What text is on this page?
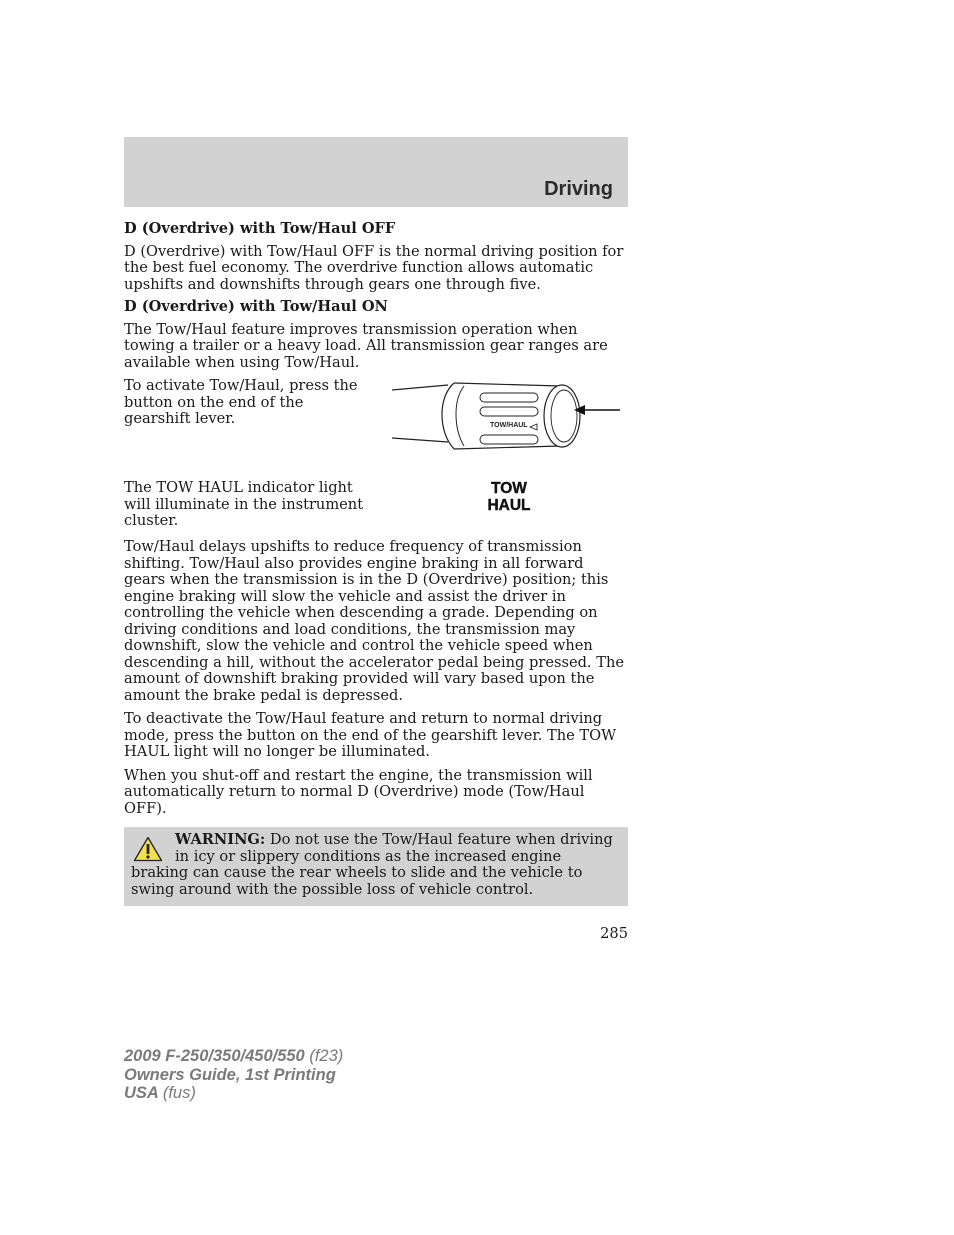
Driving
D (Overdrive) with Tow/Haul OFF

D (Overdrive) with Tow/Haul OFF is the normal driving position for the best fuel economy. The overdrive function allows automatic upshifts and downshifts through gears one through five.

D (Overdrive) with Tow/Haul ON

The Tow/Haul feature improves transmission operation when towing a trailer or a heavy load. All transmission gear ranges are available when using Tow/Haul.

To activate Tow/Haul, press the button on the end of the gearshift lever.	TOW/HAUL

The TOW HAUL indicator light will illuminate in the instrument cluster.

TOW
HAUL

Tow/Haul delays upshifts to reduce frequency of transmission shifting. Tow/Haul also provides engine braking in all forward gears when the transmission is in the D (Overdrive) position; this engine braking will slow the vehicle and assist the driver in controlling the vehicle when descending a grade. Depending on driving conditions and load conditions, the transmission may downshift, slow the vehicle and control the vehicle speed when descending a hill, without the accelerator pedal being pressed. The amount of downshift braking provided will vary based upon the amount the brake pedal is depressed.

To deactivate the Tow/Haul feature and return to normal driving mode, press the button on the end of the gearshift lever. The TOW HAUL light will no longer be illuminated.

When you shut-off and restart the engine, the transmission will automatically return to normal D (Overdrive) mode (Tow/Haul OFF).

WARNING: Do not use the Tow/Haul feature when driving in icy or slippery conditions as the increased engine braking can cause the rear wheels to slide and the vehicle to swing around with the possible loss of vehicle control.

285
2009 F-250/350/450/550 (f23)
Owners Guide, 1st Printing
USA (fus)
